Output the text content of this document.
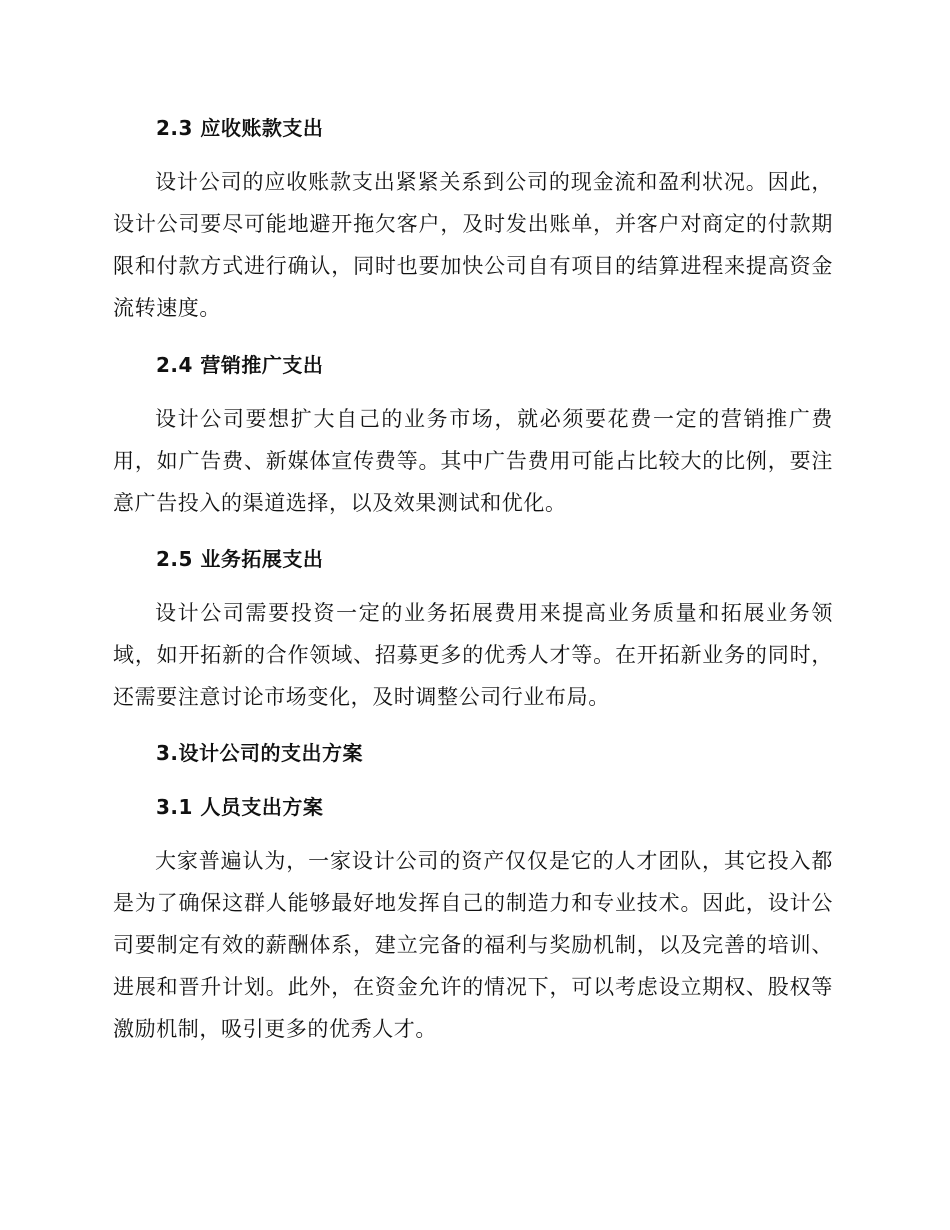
2.3 应收账款支出
设计公司的应收账款支出紧紧关系到公司的现金流和盈利状况。因此，设计公司要尽可能地避开拖欠客户，及时发出账单，并客户对商定的付款期限和付款方式进行确认，同时也要加快公司自有项目的结算进程来提高资金流转速度。
2.4 营销推广支出
设计公司要想扩大自己的业务市场，就必须要花费一定的营销推广费用，如广告费、新媒体宣传费等。其中广告费用可能占比较大的比例，要注意广告投入的渠道选择，以及效果测试和优化。
2.5 业务拓展支出
设计公司需要投资一定的业务拓展费用来提高业务质量和拓展业务领域，如开拓新的合作领域、招募更多的优秀人才等。在开拓新业务的同时，还需要注意讨论市场变化，及时调整公司行业布局。
3.设计公司的支出方案
3.1 人员支出方案
大家普遍认为，一家设计公司的资产仅仅是它的人才团队，其它投入都是为了确保这群人能够最好地发挥自己的制造力和专业技术。因此，设计公司要制定有效的薪酬体系，建立完备的福利与奖励机制，以及完善的培训、进展和晋升计划。此外，在资金允许的情况下，可以考虑设立期权、股权等激励机制，吸引更多的优秀人才。
